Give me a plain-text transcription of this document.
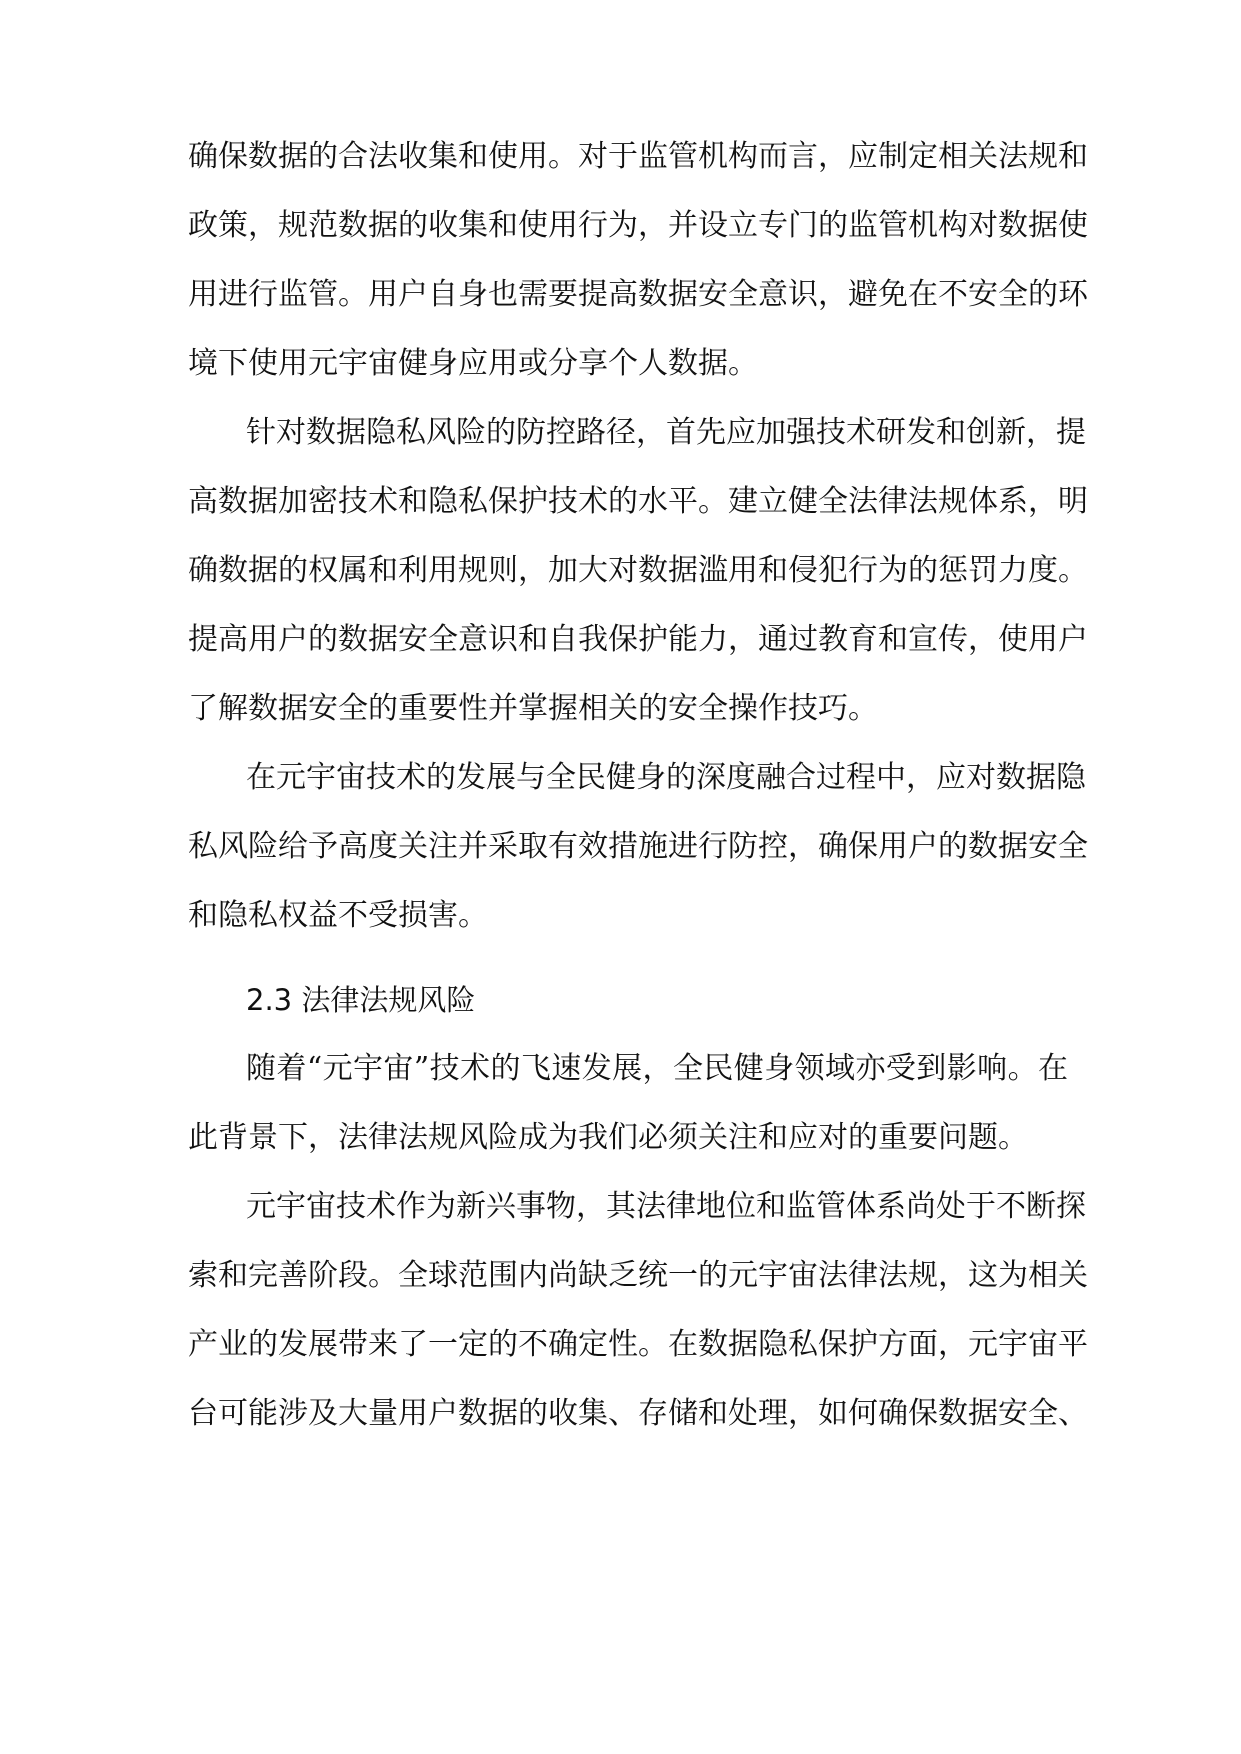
确保数据的合法收集和使用。对于监管机构而言，应制定相关法规和
政策，规范数据的收集和使用行为，并设立专门的监管机构对数据使
用进行监管。用户自身也需要提高数据安全意识，避免在不安全的环
境下使用元宇宙健身应用或分享个人数据。
针对数据隐私风险的防控路径，首先应加强技术研发和创新，提
高数据加密技术和隐私保护技术的水平。建立健全法律法规体系，明
确数据的权属和利用规则，加大对数据滥用和侵犯行为的惩罚力度。
提高用户的数据安全意识和自我保护能力，通过教育和宣传，使用户
了解数据安全的重要性并掌握相关的安全操作技巧。
在元宇宙技术的发展与全民健身的深度融合过程中，应对数据隐
私风险给予高度关注并采取有效措施进行防控，确保用户的数据安全
和隐私权益不受损害。
2.3 法律法规风险
随着“元宇宙”技术的飞速发展，全民健身领域亦受到影响。在
此背景下，法律法规风险成为我们必须关注和应对的重要问题。
元宇宙技术作为新兴事物，其法律地位和监管体系尚处于不断探
索和完善阶段。全球范围内尚缺乏统一的元宇宙法律法规，这为相关
产业的发展带来了一定的不确定性。在数据隐私保护方面，元宇宙平
台可能涉及大量用户数据的收集、存储和处理，如何确保数据安全、
